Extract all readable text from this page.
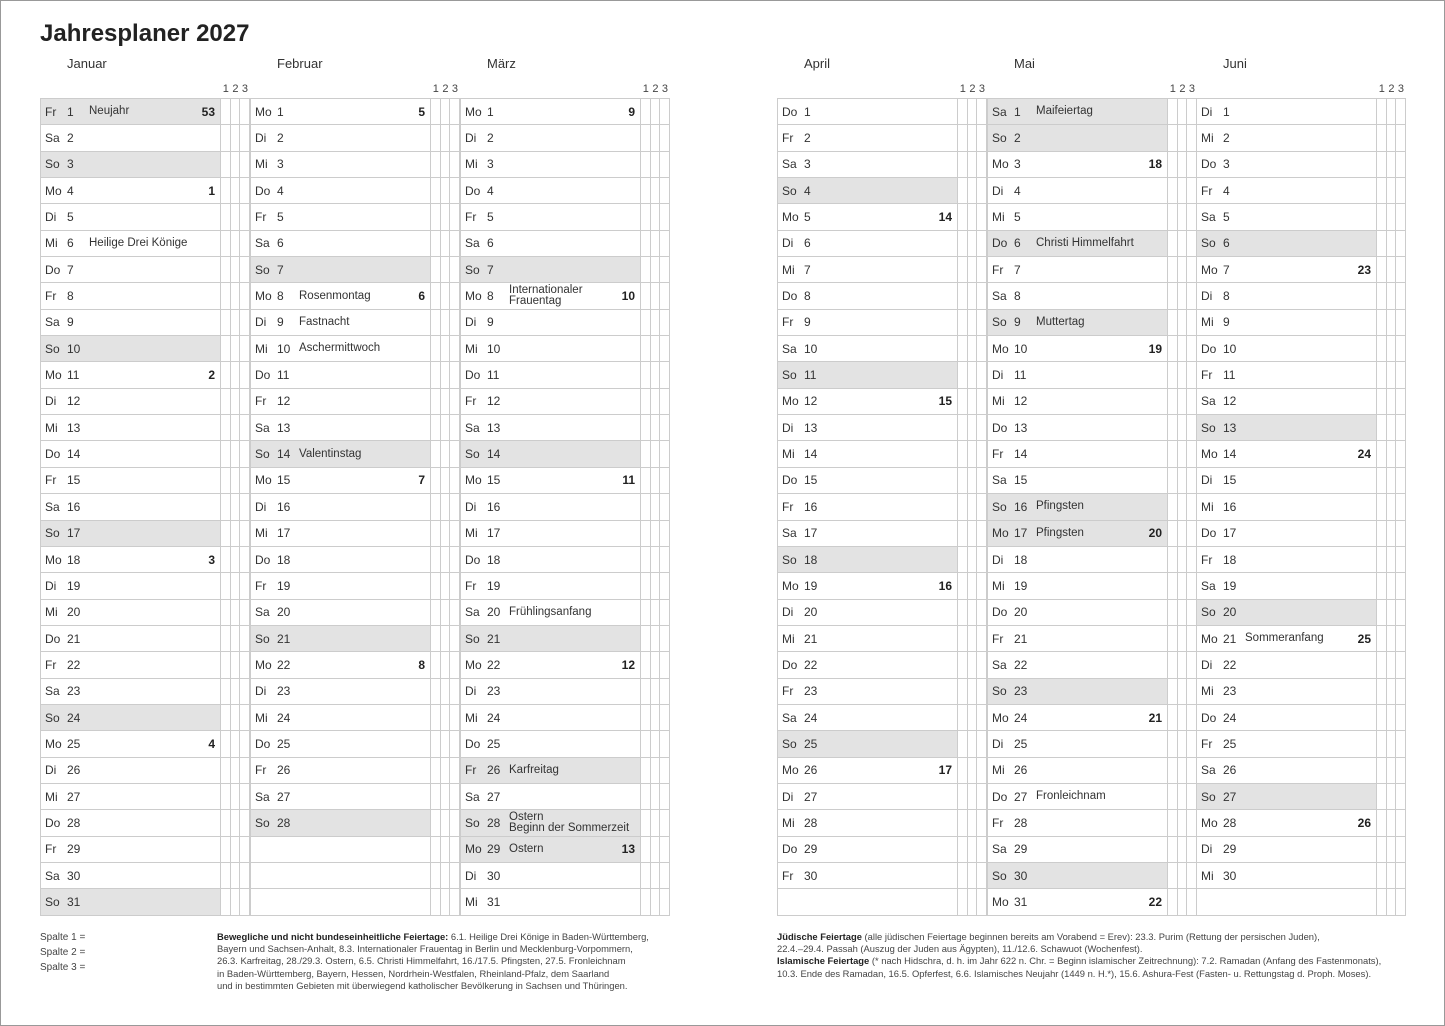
Jahresplaner 2027
Januar
1 2 3
Fr 1	Neujahr	53
Sa 2
So 3
Mo 4	1
Di 5
Mi 6	Heilige Drei Könige
Do 7
Fr 8
Sa 9
So 10
Mo 11	2
Di 12
Mi 13
Do 14
Fr 15
Sa 16
So 17
Mo 18	3
Di 19
Mi 20
Do 21
Fr 22
Sa 23
So 24
Mo 25	4
Di 26
Mi 27
Do 28
Fr 29
Sa 30
So 31
Februar
1 2 3
Mo 1	5
Di 2
Mi 3
Do 4
Fr 5
Sa 6
So 7
Mo 8	Rosenmontag	6
Di 9	Fastnacht
Mi 10 Aschermittwoch
Do 11
Fr 12
Sa 13
So 14 Valentinstag
Mo 15	7
Di 16
Mi 17
Do 18
Fr 19
Sa 20
So 21
Mo 22	8
Di 23
Mi 24
Do 25
Fr 26
Sa 27
So 28
März
1 2 3
Mo 1	9
Di 2
Mi 3
Do 4
Fr 5
Sa 6
So 7
Mo 8	Internationaler
Frauentag	10
Di 9
Mi 10
Do 11
Fr 12
Sa 13
So 14
Mo 15	11
Di 16
Mi 17
Do 18
Fr 19
Sa 20 Frühlingsanfang
So 21
Mo 22	12
Di 23
Mi 24
Do 25
Fr 26 Karfreitag
Sa 27
So 28 Ostern
Beginn der Sommerzeit
Mo 29 Ostern	13
Di 30
Mi 31
April
1 2 3
Do 1
Fr 2
Sa 3
So 4
Mo 5	14
Di 6
Mi 7
Do 8
Fr 9
Sa 10
So 11
Mo 12	15
Di 13
Mi 14
Do 15
Fr 16
Sa 17
So 18
Mo 19	16
Di 20
Mi 21
Do 22
Fr 23
Sa 24
So 25
Mo 26	17
Di 27
Mi 28
Do 29
Fr 30
Mai
1 2 3
Sa 1	Maifeiertag
So 2
Mo 3	18
Di 4
Mi 5
Do 6	Christi Himmelfahrt
Fr 7
Sa 8
So 9	Muttertag
Mo 10	19
Di 11
Mi 12
Do 13
Fr 14
Sa 15
So 16 Pfingsten
Mo 17 Pfingsten	20
Di 18
Mi 19
Do 20
Fr 21
Sa 22
So 23
Mo 24	21
Di 25
Mi 26
Do 27 Fronleichnam
Fr 28
Sa 29
So 30
Mo 31	22
Juni
1 2 3
Di 1
Mi 2
Do 3
Fr 4
Sa 5
So 6
Mo 7	23
Di 8
Mi 9
Do 10
Fr 11
Sa 12
So 13
Mo 14	24
Di 15
Mi 16
Do 17
Fr 18
Sa 19
So 20
Mo 21 Sommeranfang	25
Di 22
Mi 23
Do 24
Fr 25
Sa 26
So 27
Mo 28	26
Di 29
Mi 30
Spalte 1 =
Spalte 2 =
Spalte 3 =
Bewegliche und nicht bundeseinheitliche Feiertage: 6.1. Heilige Drei Könige in Baden-Württemberg,
Bayern und Sachsen-Anhalt, 8.3. Internationaler Frauentag in Berlin und Mecklenburg-Vorpommern,
26.3. Karfreitag, 28./29.3. Ostern, 6.5. Christi Himmelfahrt, 16./17.5. Pfingsten, 27.5. Fronleichnam
in Baden-Württemberg, Bayern, Hessen, Nordrhein-Westfalen, Rheinland-Pfalz, dem Saarland
und in bestimmten Gebieten mit überwiegend katholischer Bevölkerung in Sachsen und Thüringen.
Jüdische Feiertage (alle jüdischen Feiertage beginnen bereits am Vorabend = Erev): 23.3. Purim (Rettung der persischen Juden),
22.4.–29.4. Passah (Auszug der Juden aus Ägypten), 11./12.6. Schawuot (Wochenfest).
Islamische Feiertage (* nach Hidschra, d. h. im Jahr 622 n. Chr. = Beginn islamischer Zeitrechnung): 7.2. Ramadan (Anfang des Fastenmonats),
10.3. Ende des Ramadan, 16.5. Opferfest, 6.6. Islamisches Neujahr (1449 n. H.*), 15.6. Ashura-Fest (Fasten- u. Rettungstag d. Proph. Moses).
